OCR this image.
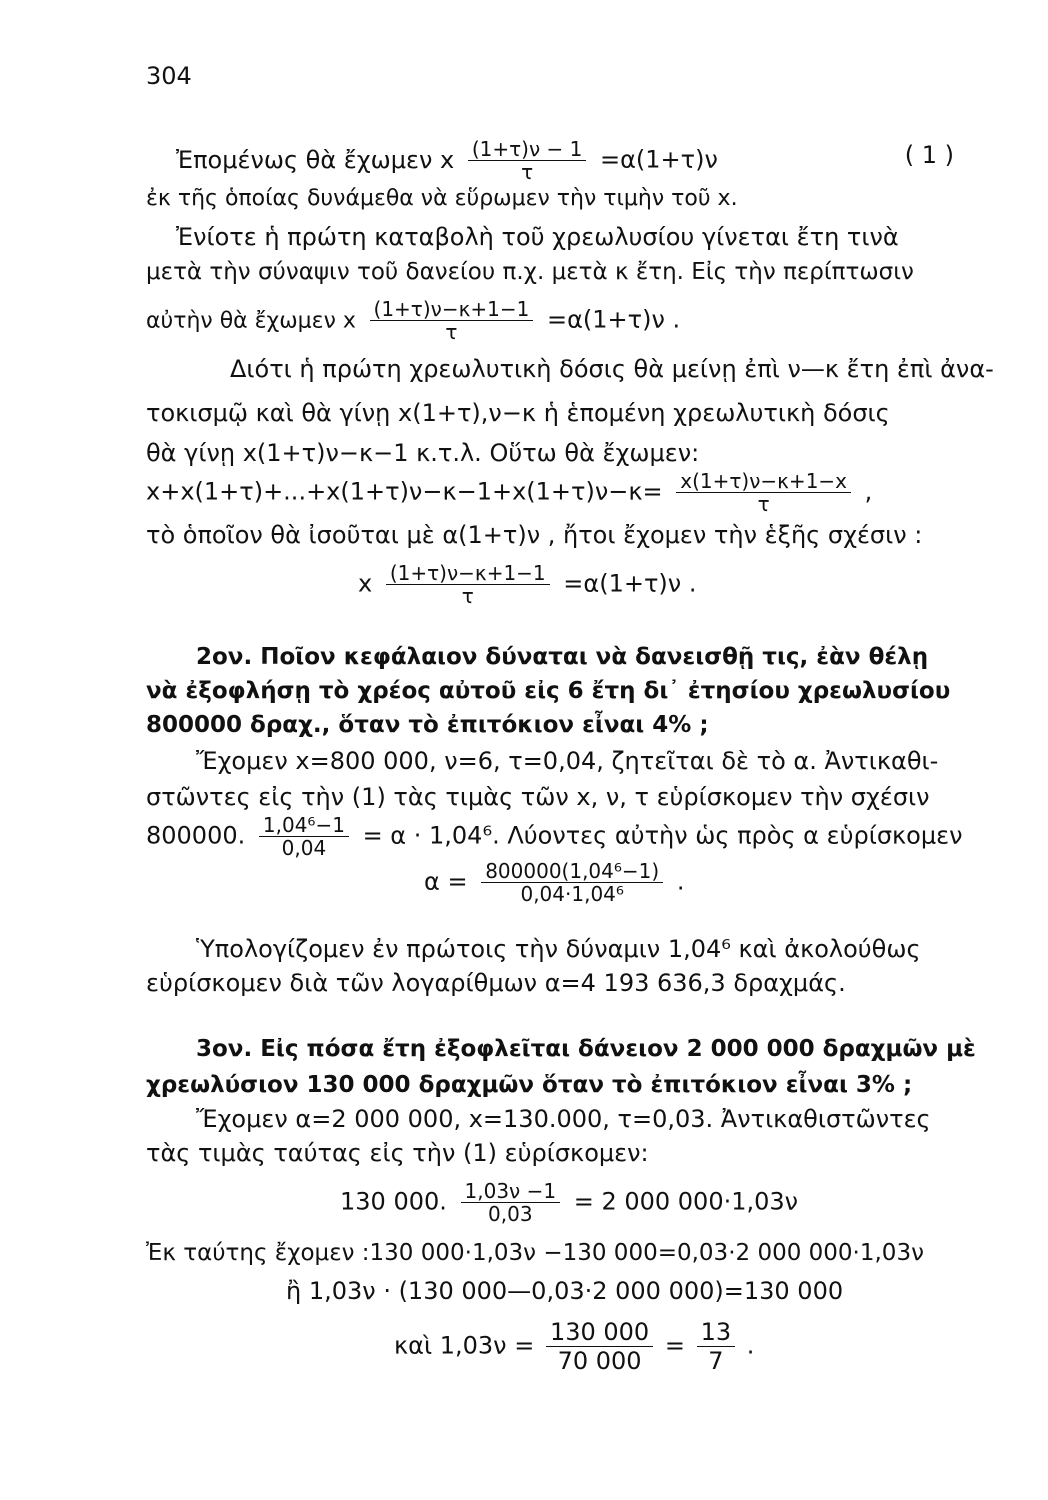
304
Ἐπομένως θὰ ἔχωμεν x $\frac{(1+\tau)\nu - 1}{\tau} =\alpha(1+\tau)\nu$	( 1 )
ἐκ τῆς ὁποίας δυνάμεθα νὰ εὕρωμεν τὴν τιμὴν τοῦ x.
Ἐνίοτε ἡ πρώτη καταβολὴ τοῦ χρεωλυσίου γίνεται ἔτη τινὰ
μετὰ τὴν σύναψιν τοῦ δανείου π.χ. μετὰ κ ἔτη. Εἰς τὴν περίπτωσιν
αὐτὴν θὰ ἔχωμεν x $\frac{(1+\tau)\nu-\kappa+1-1}{\tau} =\alpha(1+\tau)\nu$ .
Διότι ἡ πρώτη χρεωλυτικὴ δόσις θὰ μείνῃ ἐπὶ ν—κ ἔτη ἐπὶ ἀνα-
τοκισμῷ καὶ θὰ γίνῃ x(1+τ),ν−κ ἡ ἑπομένη χρεωλυτικὴ δόσις
θὰ γίνῃ x(1+τ)ν−κ−1 κ.τ.λ. Οὕτω θὰ ἔχωμεν:
$x+x(1+\tau)+...+x(1+\tau)\nu-\kappa-1+x(1+\tau)\nu-\kappa= \frac{x(1+\tau)\nu-\kappa+1-x}{\tau}$ ,
τὸ ὁποῖον θὰ ἰσοῦται μὲ α(1+τ)ν , ἤτοι ἔχομεν τὴν ἑξῆς σχέσιν :
x $\frac{(1+\tau)\nu-\kappa+1-1}{\tau} =\alpha(1+\tau)\nu$ .
2ον. Ποῖον κεφάλαιον δύναται νὰ δανεισθῇ τις, ἐὰν θέλῃ
νὰ ἐξοφλήσῃ τὸ χρέος αὐτοῦ εἰς 6 ἔτη δι᾽ ἐτησίου χρεωλυσίου
800000 δραχ., ὅταν τὸ ἐπιτόκιον εἶναι 4% ;
Ἔχομεν x=800 000, ν=6, τ=0,04, ζητεῖται δὲ τὸ α. Ἀντικαθι-
στῶντες εἰς τὴν (1) τὰς τιμὰς τῶν x, ν, τ εὑρίσκομεν τὴν σχέσιν
800000. $\frac{\text{1,04⁶−1}}{0,04} = \alpha \cdot 1,04^6$. Λύοντες αὐτὴν ὡς πρὸς α εὑρίσκομεν
$\alpha = \frac{\text{800000(1,04⁶−1)}}{\text{0,04·1,04⁶}}$ .
Ὑπολογίζομεν ἐν πρώτοις τὴν δύναμιν 1,04⁶ καὶ ἀκολούθως
εὑρίσκομεν διὰ τῶν λογαρίθμων α=4 193 636,3 δραχμάς.
3ον. Εἰς πόσα ἔτη ἐξοφλεῖται δάνειον 2 000 000 δραχμῶν μὲ
χρεωλύσιον 130 000 δραχμῶν ὅταν τὸ ἐπιτόκιον εἶναι 3% ;
Ἔχομεν α=2 000 000, x=130.000, τ=0,03. Ἀντικαθιστῶντες
τὰς τιμὰς ταύτας εἰς τὴν (1) εὑρίσκομεν:
130 000. $\frac{1,03\nu -1}{0,03} = 2$ 000 000·1,03ν
Ἐκ ταύτης ἔχομεν :130 000·1,03ν −130 000=0,03·2 000 000·1,03ν
ἢ 1,03ν · (130 000—0,03·2 000 000)=130 000
καὶ $1,03\nu = \frac{130 000}{70 000} = \frac{13}{7}$ .
